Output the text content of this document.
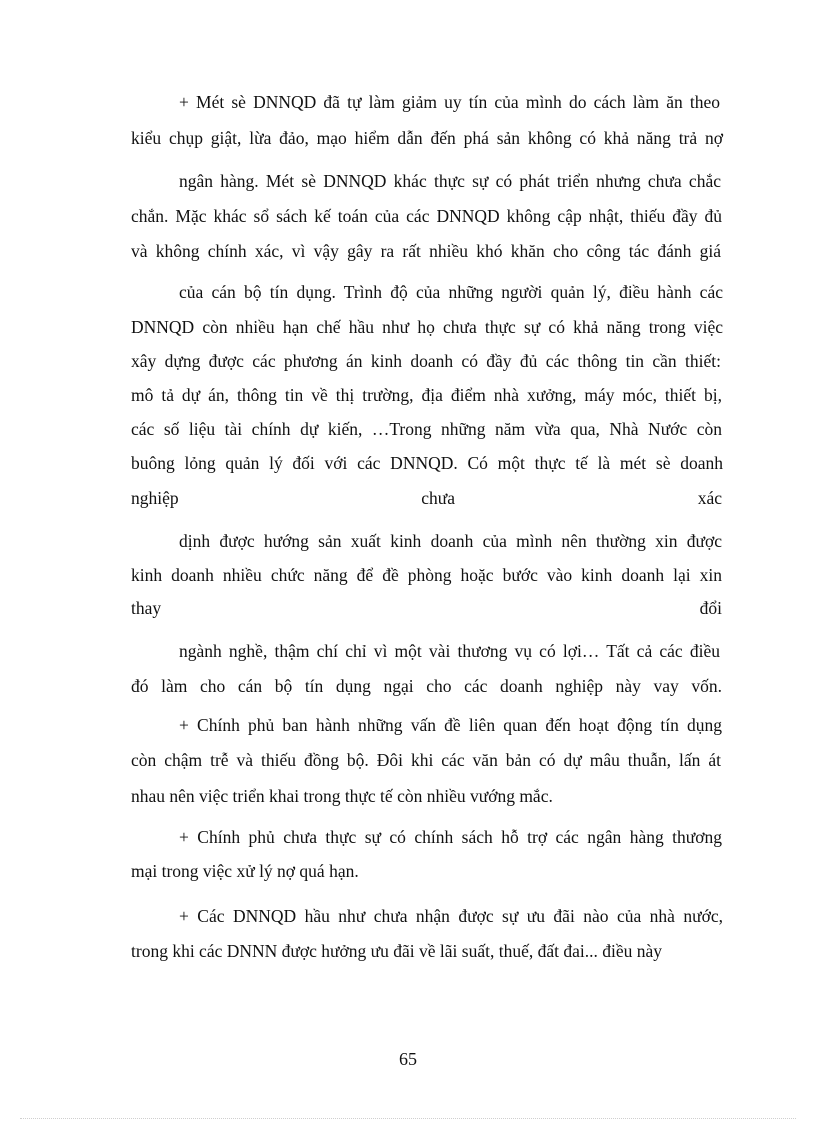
+ Mét sè DNNQD đã tự làm giảm uy tín của mình do cách làm ăn theo

kiểu chụp giật, lừa đảo, mạo hiểm dẫn đến phá sản không có khả năng trả nợ

ngân hàng. Mét sè DNNQD khác thực sự có phát triển nhưng chưa chắc

chắn. Mặc khác sổ sách kế toán của các DNNQD không cập nhật, thiếu đầy đủ

và không chính xác, vì vậy gây ra rất nhiều khó khăn cho công tác đánh giá

của cán bộ tín dụng. Trình độ của những người quản lý, điều hành các

DNNQD còn nhiều hạn chế hầu như họ chưa thực sự có khả năng trong việc

xây dựng được các phương án kinh doanh có đầy đủ các thông tin cần thiết:

mô tả dự án, thông tin về thị trường, địa điểm nhà xưởng, máy móc, thiết bị,

các số liệu tài chính dự kiến, …Trong những năm vừa qua, Nhà Nước còn

buông lỏng quản lý đối với các DNNQD. Có một thực tế là mét sè doanh

nghiệp	chưa	xác

dịnh được hướng sản xuất kinh doanh của mình nên thường xin được

kinh doanh nhiều chức năng để đề phòng hoặc bước vào kinh doanh lại xin

thay	đổi

ngành nghề, thậm chí chỉ vì một vài thương vụ có lợi… Tất cả các điều

đó làm cho cán bộ tín dụng ngại cho các doanh nghiệp này vay vốn.

+ Chính phủ ban hành những vấn đề liên quan đến hoạt động tín dụng

còn chậm trễ và thiếu đồng bộ. Đôi khi các văn bản có dự mâu thuẫn, lấn át

nhau nên việc triển khai trong thực tế còn nhiều vướng mắc.

+ Chính phủ chưa thực sự có chính sách hỗ trợ các ngân hàng thương

mại trong việc xử lý nợ quá hạn.

+ Các DNNQD hầu như chưa nhận được sự ưu đãi nào của nhà nước,

trong khi các DNNN được hưởng ưu đãi về lãi suất, thuế, đất đai... điều này

65
